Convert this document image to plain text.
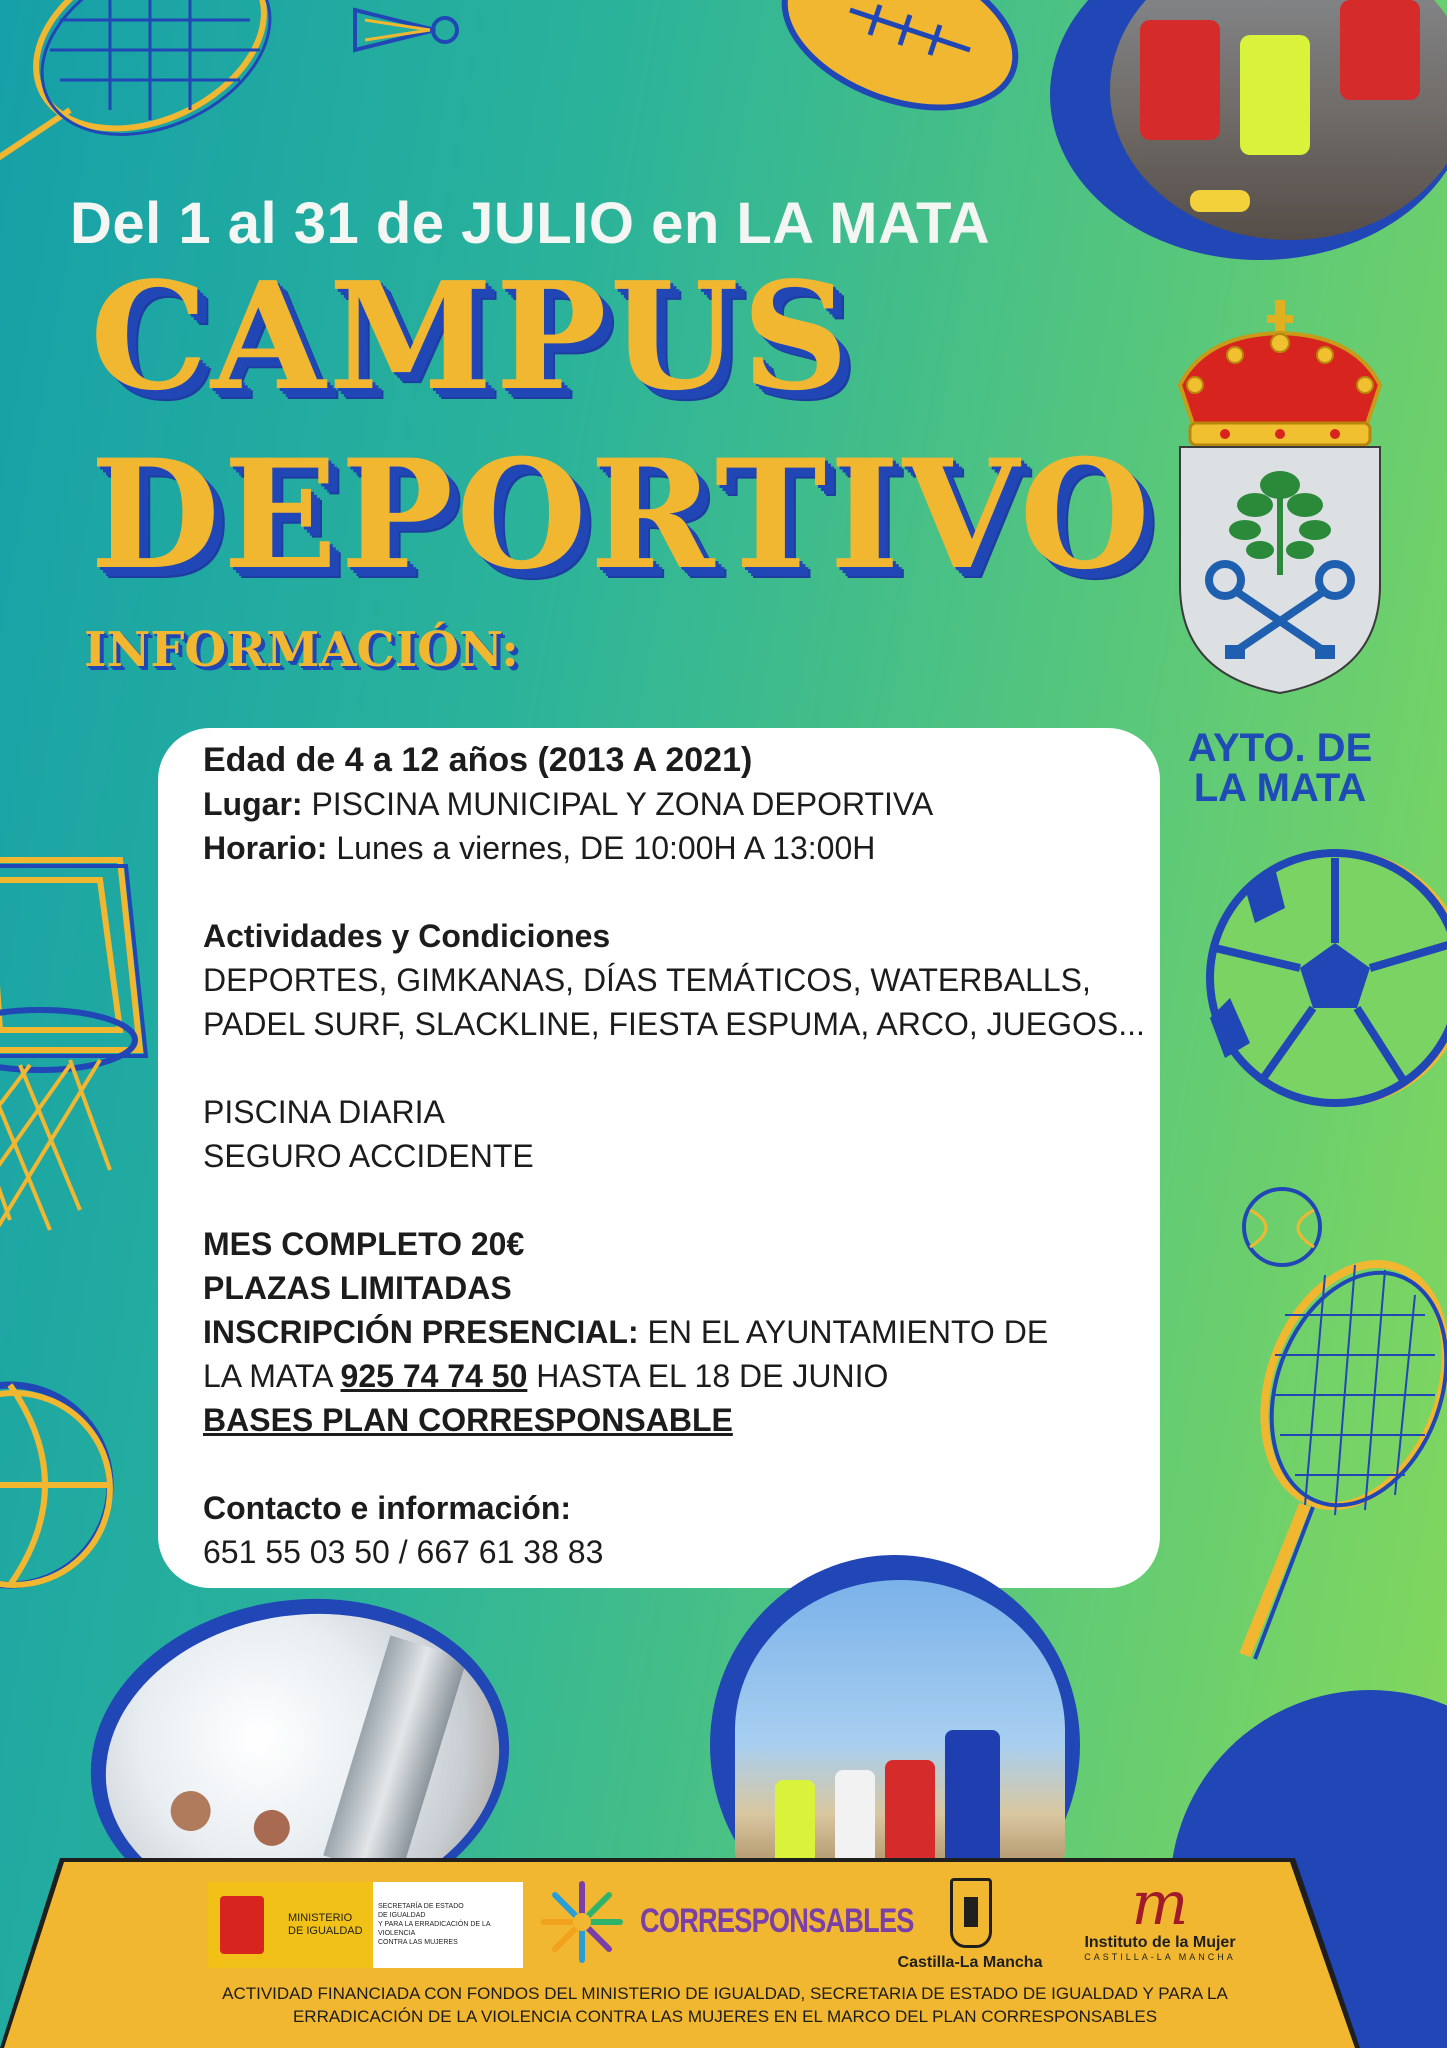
Del 1 al 31 de JULIO en LA MATA
CAMPUS
DEPORTIVO
INFORMACIÓN:
AYTO. DE
LA MATA
Edad de 4 a 12 años (2013 A 2021)
Lugar: PISCINA MUNICIPAL Y ZONA DEPORTIVA
Horario: Lunes a viernes, DE 10:00H A 13:00H
Actividades y Condiciones
DEPORTES, GIMKANAS, DÍAS TEMÁTICOS, WATERBALLS,
PADEL SURF, SLACKLINE, FIESTA ESPUMA, ARCO, JUEGOS...
PISCINA DIARIA
SEGURO ACCIDENTE
MES COMPLETO 20€
PLAZAS LIMITADAS
INSCRIPCIÓN PRESENCIAL: EN EL AYUNTAMIENTO DE
LA MATA 925 74 74 50 HASTA EL 18 DE JUNIO
BASES PLAN CORRESPONSABLE
Contacto e información:
651 55 03 50 / 667 61 38 83
MINISTERIO
DE IGUALDAD
SECRETARÍA DE ESTADO
DE IGUALDAD
Y PARA LA ERRADICACIÓN DE LA VIOLENCIA
CONTRA LAS MUJERES
CORRESPONSABLES
Castilla-La Mancha
m
Instituto de la Mujer
CASTILLA-LA MANCHA
ACTIVIDAD FINANCIADA CON FONDOS DEL MINISTERIO DE IGUALDAD, SECRETARIA DE ESTADO DE IGUALDAD Y PARA LA
ERRADICACIÓN DE LA VIOLENCIA CONTRA LAS MUJERES EN EL MARCO DEL PLAN CORRESPONSABLES
